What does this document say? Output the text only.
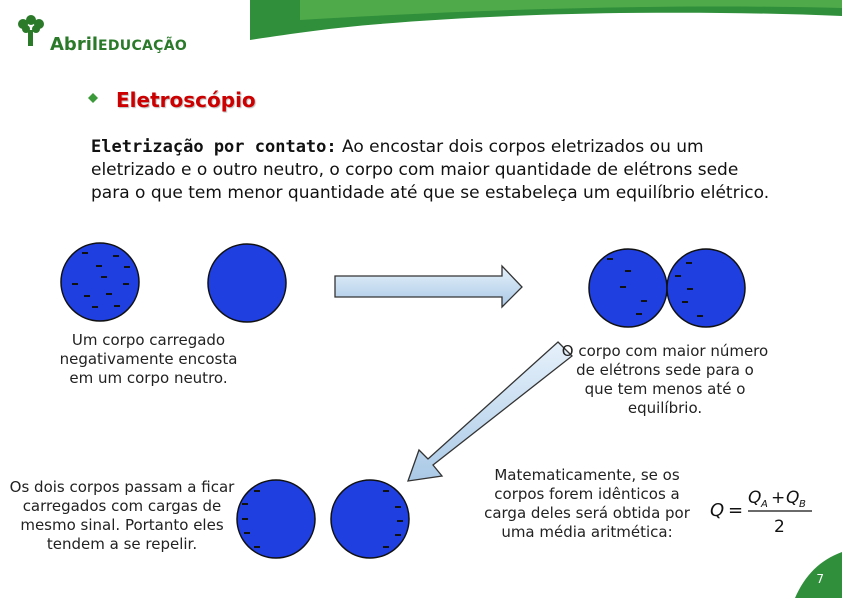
Abril EDUCAÇÃO
Eletroscópio
Eletrização por contato: Ao encostar dois corpos eletrizados ou um eletrizado e o outro neutro, o corpo com maior quantidade de elétrons sede para o que tem menor quantidade até que se estabeleça um equilíbrio elétrico.
Um corpo carregado negativamente encosta em um corpo neutro.
O corpo com maior número de elétrons sede para o que tem menos até o equilíbrio.
Os dois corpos passam a ficar carregados com cargas de mesmo sinal. Portanto eles tendem a se repelir.
Matematicamente, se os corpos forem idênticos a carga deles será obtida por uma média aritmética:
Q =
Q A + Q B
2
7
